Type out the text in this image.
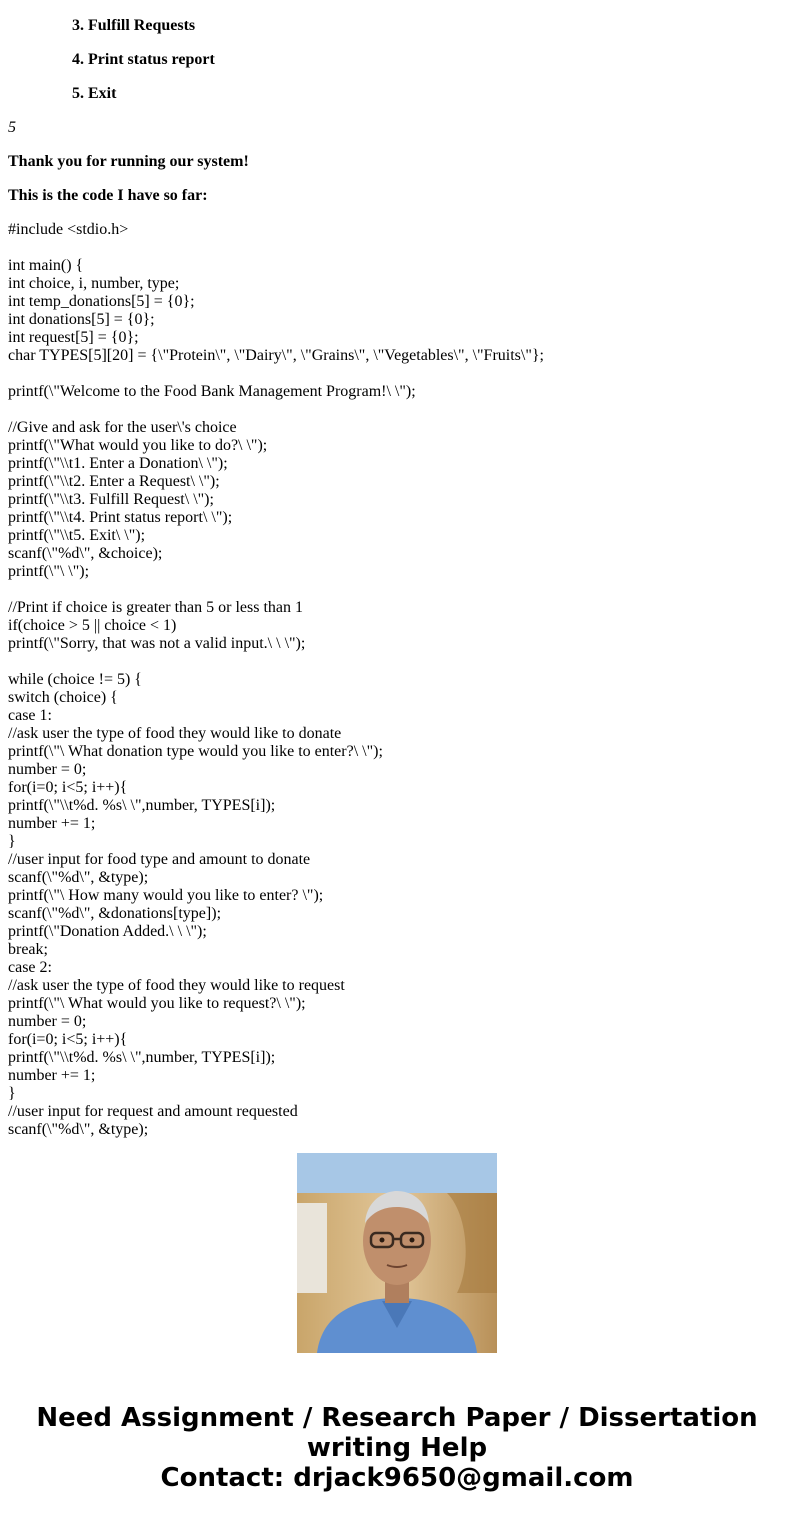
3. Fulfill Requests
4. Print status report
5. Exit
5
Thank you for running our system!
This is the code I have so far:
#include <stdio.h>
int main() {
int choice, i, number, type;
int temp_donations[5] = {0};
int donations[5] = {0};
int request[5] = {0};
char TYPES[5][20] = {\"Protein\", \"Dairy\", \"Grains\", \"Vegetables\", \"Fruits\"};
printf(\"Welcome to the Food Bank Management Program!\ \");
//Give and ask for the user\'s choice
printf(\"What would you like to do?\ \");
printf(\"\\t1. Enter a Donation\ \");
printf(\"\\t2. Enter a Request\ \");
printf(\"\\t3. Fulfill Request\ \");
printf(\"\\t4. Print status report\ \");
printf(\"\\t5. Exit\ \");
scanf(\"%d\", &choice);
printf(\"\ \");
//Print if choice is greater than 5 or less than 1
if(choice > 5 || choice < 1)
printf(\"Sorry, that was not a valid input.\ \ \");
while (choice != 5) {
switch (choice) {
case 1:
//ask user the type of food they would like to donate
printf(\"\ What donation type would you like to enter?\ \");
number = 0;
for(i=0; i<5; i++){
printf(\"\\t%d. %s\ \",number, TYPES[i]);
number += 1;
}
//user input for food type and amount to donate
scanf(\"%d\", &type);
printf(\"\ How many would you like to enter? \");
scanf(\"%d\", &donations[type]);
printf(\"Donation Added.\ \ \");
break;
case 2:
//ask user the type of food they would like to request
printf(\"\ What would you like to request?\ \");
number = 0;
for(i=0; i<5; i++){
printf(\"\\t%d. %s\ \",number, TYPES[i]);
number += 1;
}
//user input for request and amount requested
scanf(\"%d\", &type);
Need Assignment / Research Paper / Dissertation
writing Help
Contact: drjack9650@gmail.com
